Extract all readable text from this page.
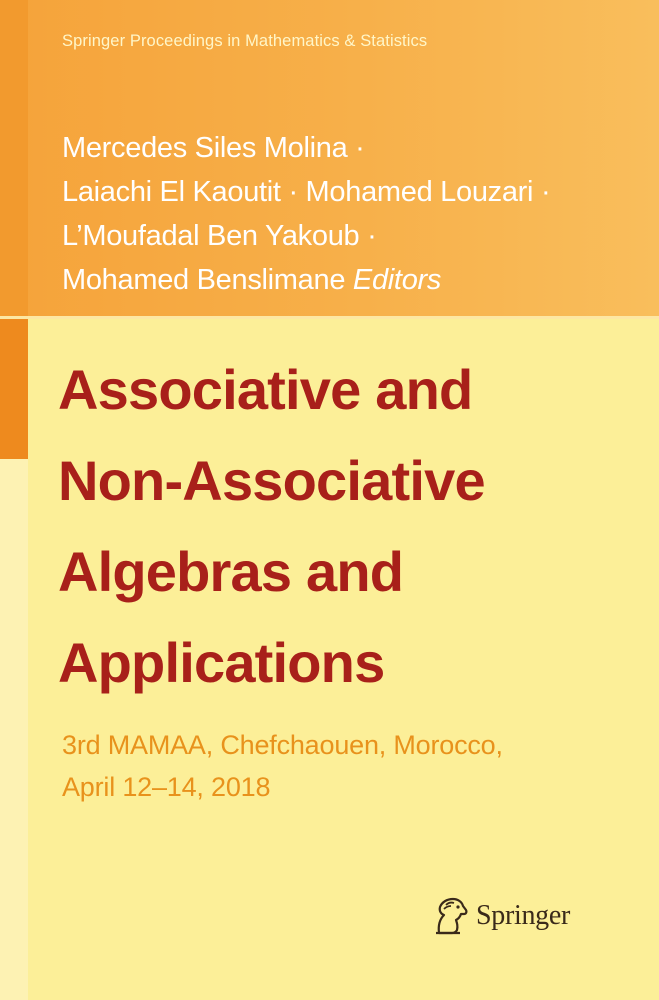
Springer Proceedings in Mathematics & Statistics

Mercedes Siles Molina ·
Laiachi El Kaoutit · Mohamed Louzari ·
L’Moufadal Ben Yakoub ·
Mohamed Benslimane Editors
Associative and
Non-Associative
Algebras and
Applications
3rd MAMAA, Chefchaouen, Morocco,
April 12–14, 2018
Springer
